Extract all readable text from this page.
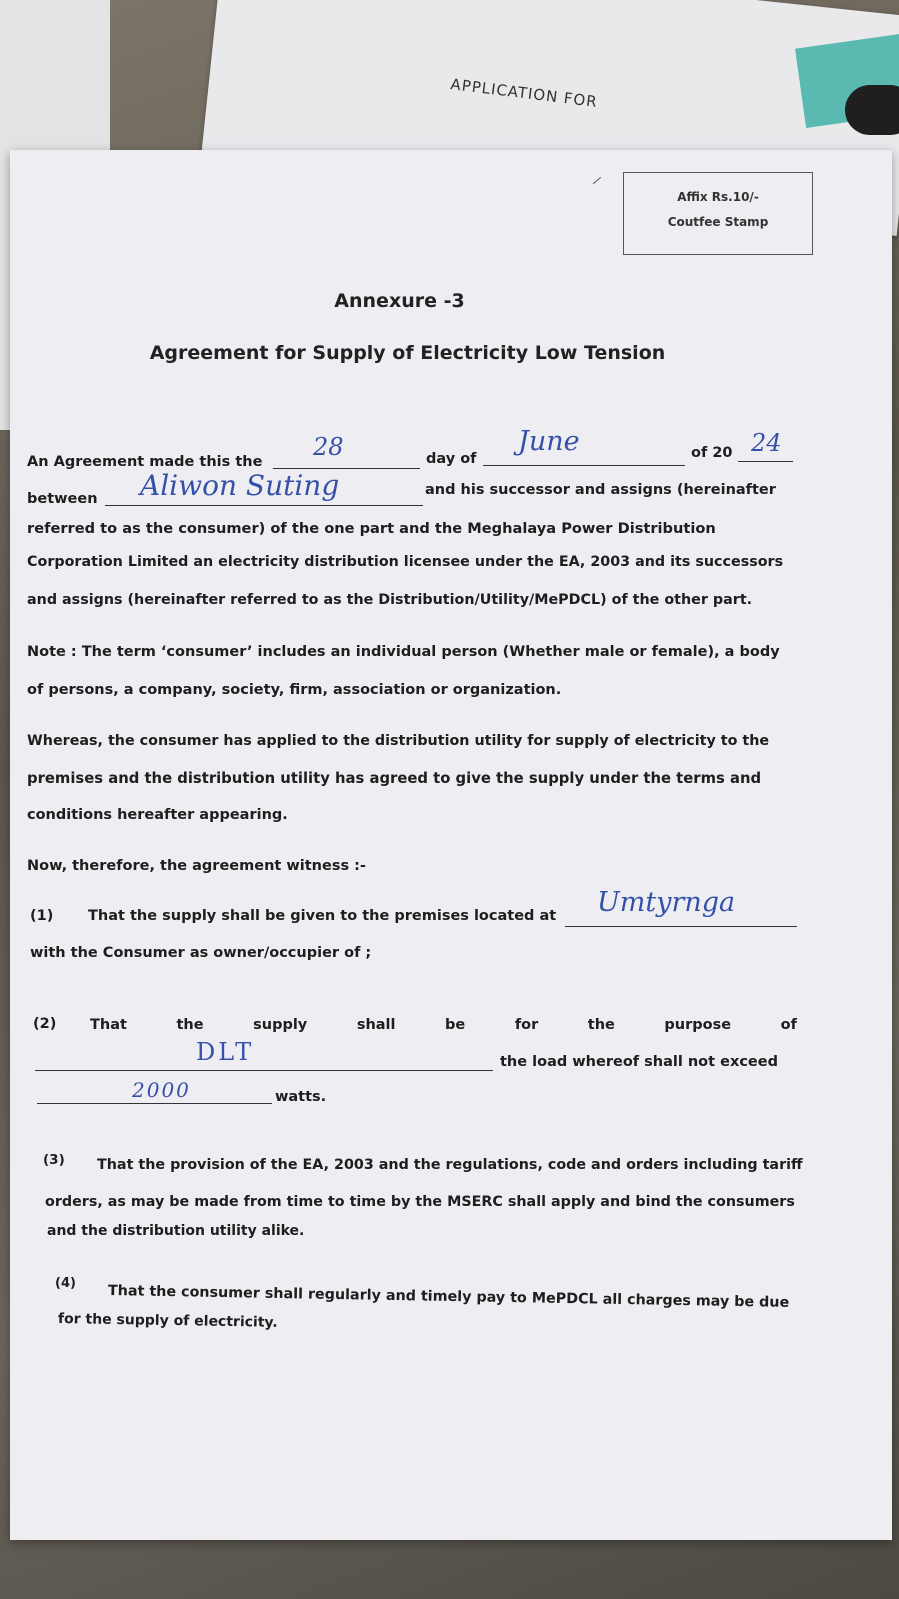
APPLICATION FOR
Affix Rs.10/-
Coutfee Stamp
Annexure -3
Agreement for Supply of Electricity Low Tension
An Agreement made this the
28	day of
June	of 20 24
between Aliwon Suting	and his successor and assigns (hereinafter
referred to as the consumer) of the one part and the Meghalaya Power Distribution
Corporation Limited an electricity distribution licensee under the EA, 2003 and its successors
and assigns (hereinafter referred to as the Distribution/Utility/MePDCL) of the other part.
Note : The term ‘consumer’ includes an individual person (Whether male or female), a body
of persons, a company, society, firm, association or organization.
Whereas, the consumer has applied to the distribution utility for supply of electricity to the
premises and the distribution utility has agreed to give the supply under the terms and
conditions hereafter appearing.
Now, therefore, the agreement witness :-
(1) That the supply shall be given to the premises located at Umtyrnga
with the Consumer as owner/occupier of ;
(2) That	the	supply	shall	be	for	the	purpose	of
DLT	the load whereof shall not exceed
2000	watts.
(3) That the provision of the EA, 2003 and the regulations, code and orders including tariff
orders, as may be made from time to time by the MSERC shall apply and bind the consumers
and the distribution utility alike.
(4) That the consumer shall regularly and timely pay to MePDCL all charges may be due
for the supply of electricity.
